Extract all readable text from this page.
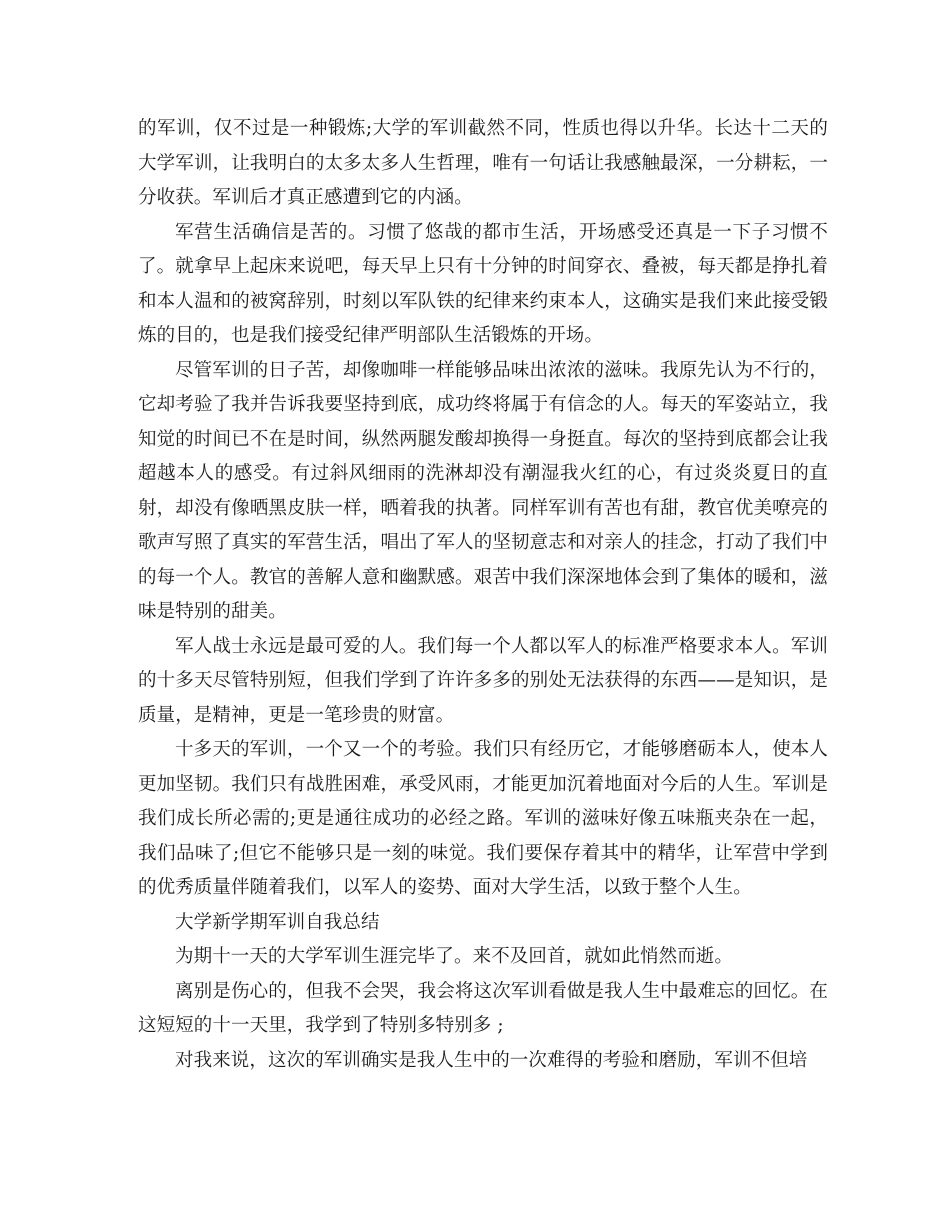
的军训，仅不过是一种锻炼;大学的军训截然不同，性质也得以升华。长达十二天的大学军训，让我明白的太多太多人生哲理，唯有一句话让我感触最深，一分耕耘，一分收获。军训后才真正感遭到它的内涵。

军营生活确信是苦的。习惯了悠哉的都市生活，开场感受还真是一下子习惯不了。就拿早上起床来说吧，每天早上只有十分钟的时间穿衣、叠被，每天都是挣扎着和本人温和的被窝辞别，时刻以军队铁的纪律来约束本人，这确实是我们来此接受锻炼的目的，也是我们接受纪律严明部队生活锻炼的开场。

尽管军训的日子苦，却像咖啡一样能够品味出浓浓的滋味。我原先认为不行的，它却考验了我并告诉我要坚持到底，成功终将属于有信念的人。每天的军姿站立，我知觉的时间已不在是时间，纵然两腿发酸却换得一身挺直。每次的坚持到底都会让我超越本人的感受。有过斜风细雨的洗淋却没有潮湿我火红的心，有过炎炎夏日的直射，却没有像晒黑皮肤一样，晒着我的执著。同样军训有苦也有甜，教官优美嘹亮的歌声写照了真实的军营生活，唱出了军人的坚韧意志和对亲人的挂念，打动了我们中的每一个人。教官的善解人意和幽默感。艰苦中我们深深地体会到了集体的暖和，滋味是特别的甜美。

军人战士永远是最可爱的人。我们每一个人都以军人的标准严格要求本人。军训的十多天尽管特别短，但我们学到了许许多多的别处无法获得的东西——是知识，是质量，是精神，更是一笔珍贵的财富。

十多天的军训，一个又一个的考验。我们只有经历它，才能够磨砺本人，使本人更加坚韧。我们只有战胜困难，承受风雨，才能更加沉着地面对今后的人生。军训是我们成长所必需的;更是通往成功的必经之路。军训的滋味好像五味瓶夹杂在一起，我们品味了;但它不能够只是一刻的味觉。我们要保存着其中的精华，让军营中学到的优秀质量伴随着我们，以军人的姿势、面对大学生活，以致于整个人生。

大学新学期军训自我总结

为期十一天的大学军训生涯完毕了。来不及回首，就如此悄然而逝。

离别是伤心的，但我不会哭，我会将这次军训看做是我人生中最难忘的回忆。在这短短的十一天里，我学到了特别多特别多 ;

对我来说，这次的军训确实是我人生中的一次难得的考验和磨励，军训不但培
